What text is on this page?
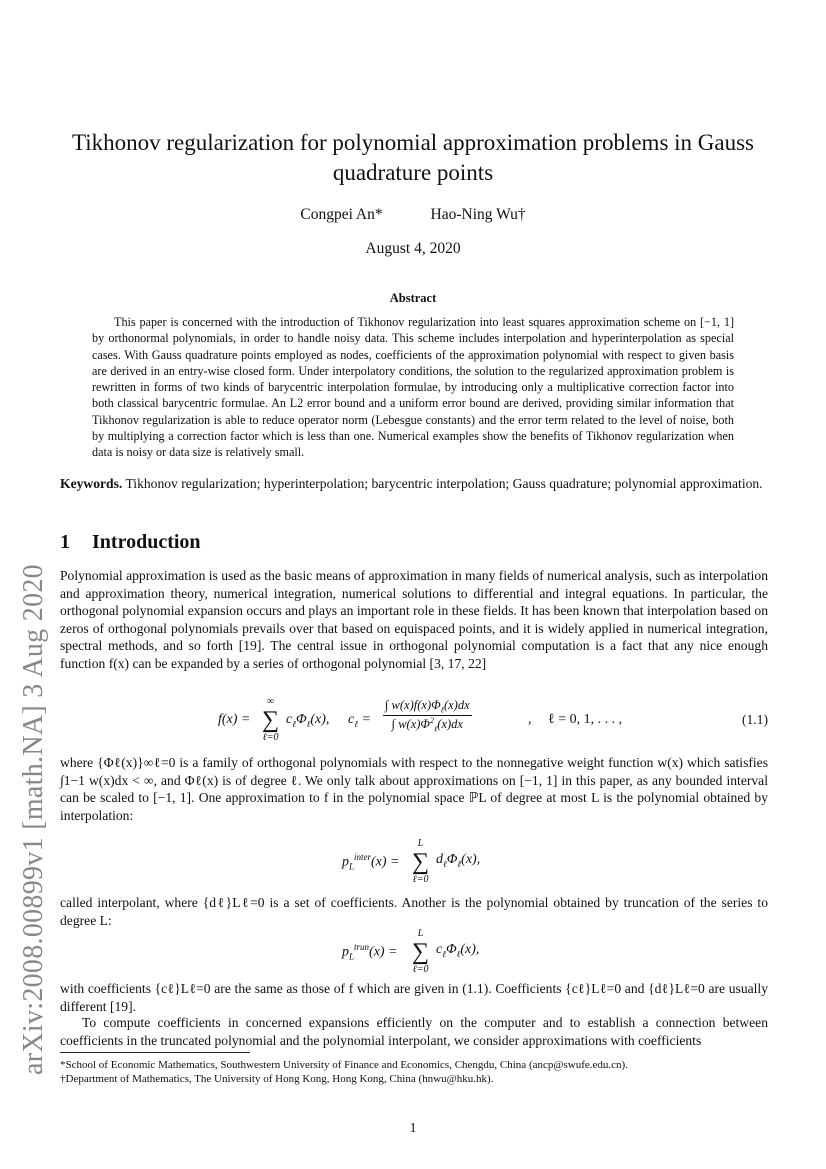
arXiv:2008.00899v1 [math.NA] 3 Aug 2020
Tikhonov regularization for polynomial approximation problems in Gauss quadrature points
Congpei An*	Hao-Ning Wu†
August 4, 2020
Abstract
This paper is concerned with the introduction of Tikhonov regularization into least squares approximation scheme on [−1, 1] by orthonormal polynomials, in order to handle noisy data. This scheme includes interpolation and hyperinterpolation as special cases. With Gauss quadrature points employed as nodes, coefficients of the approximation polynomial with respect to given basis are derived in an entry-wise closed form. Under interpolatory conditions, the solution to the regularized approximation problem is rewritten in forms of two kinds of barycentric interpolation formulae, by introducing only a multiplicative correction factor into both classical barycentric formulae. An L2 error bound and a uniform error bound are derived, providing similar information that Tikhonov regularization is able to reduce operator norm (Lebesgue constants) and the error term related to the level of noise, both by multiplying a correction factor which is less than one. Numerical examples show the benefits of Tikhonov regularization when data is noisy or data size is relatively small.
Keywords. Tikhonov regularization; hyperinterpolation; barycentric interpolation; Gauss quadrature; polynomial approximation.
1 Introduction
Polynomial approximation is used as the basic means of approximation in many fields of numerical analysis, such as interpolation and approximation theory, numerical integration, numerical solutions to differential and integral equations. In particular, the orthogonal polynomial expansion occurs and plays an important role in these fields. It has been known that interpolation based on zeros of orthogonal polynomials prevails over that based on equispaced points, and it is widely applied in numerical integration, spectral methods, and so forth [19]. The central issue in orthogonal polynomial computation is a fact that any nice enough function f(x) can be expanded by a series of orthogonal polynomial [3, 17, 22]
f(x) =
∞
∑
ℓ=0
$c_\ell\Phi_\ell(x)$, $c_\ell$ =
∫ $w(x)f(x)\Phi_\ell(x)dx$
∫ $w(x)\Phi^2_\ell(x)dx$	, ℓ = 0, 1, . . . ,	(1.1)
where {Φℓ(x)}∞ℓ=0 is a family of orthogonal polynomials with respect to the nonnegative weight function w(x) which satisfies ∫1−1 w(x)dx < ∞, and Φℓ(x) is of degree ℓ. We only talk about approximations on [−1, 1] in this paper, as any bounded interval can be scaled to [−1, 1]. One approximation to f in the polynomial space ℙL of degree at most L is the polynomial obtained by interpolation:
$p_L^{inter}(x)$ =
L
∑
ℓ=0
$d_\ell\Phi_\ell(x)$,
called interpolant, where {dℓ}Lℓ=0 is a set of coefficients. Another is the polynomial obtained by truncation of the series to degree L:
$p_L^{trun}(x)$ =
L
∑
ℓ=0
$c_\ell\Phi_\ell(x)$,
with coefficients {cℓ}Lℓ=0 are the same as those of f which are given in (1.1). Coefficients {cℓ}Lℓ=0 and {dℓ}Lℓ=0 are usually different [19].
To compute coefficients in concerned expansions efficiently on the computer and to establish a connection between coefficients in the truncated polynomial and the polynomial interpolant, we consider approximations with coefficients
*School of Economic Mathematics, Southwestern University of Finance and Economics, Chengdu, China (ancp@swufe.edu.cn).
†Department of Mathematics, The University of Hong Kong, Hong Kong, China (hnwu@hku.hk).
1
